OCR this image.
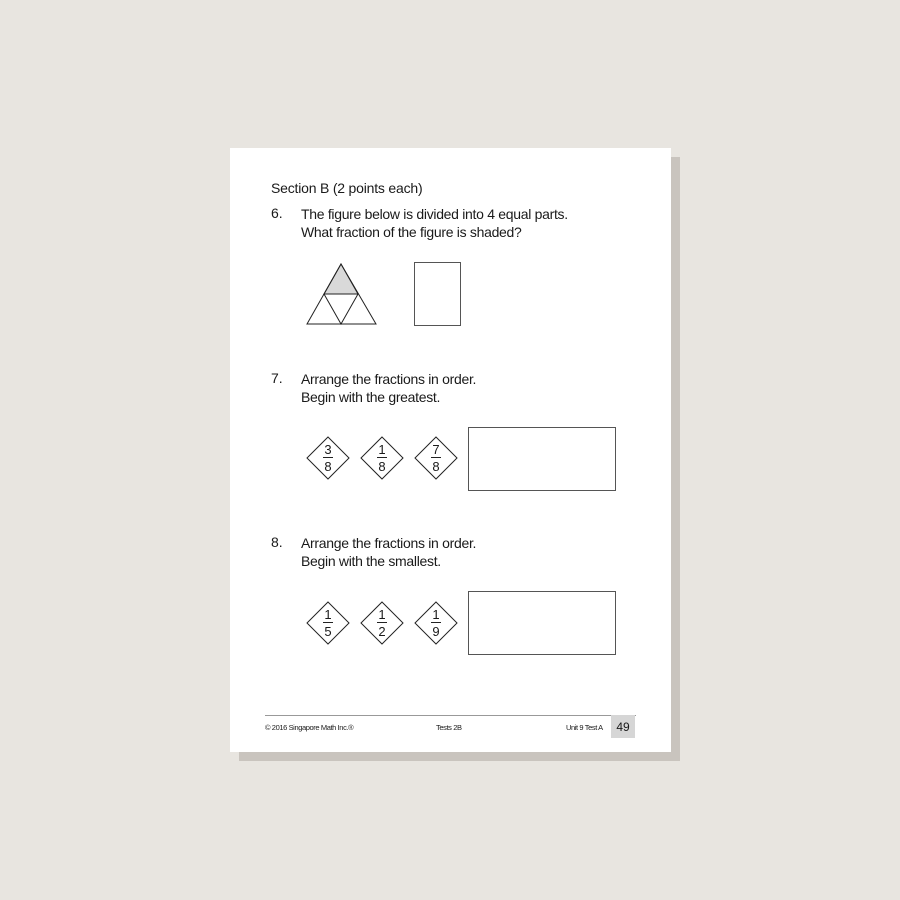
Section B (2 points each)
6. The figure below is divided into 4 equal parts.
What fraction of the figure is shaded?
7. Arrange the fractions in order.
Begin with the greatest.
3
8
1
8
7
8
8. Arrange the fractions in order.
Begin with the smallest.
1
5
1
2
1
9
© 2016 Singapore Math Inc.®	Tests 2B	Unit 9 Test A	49
